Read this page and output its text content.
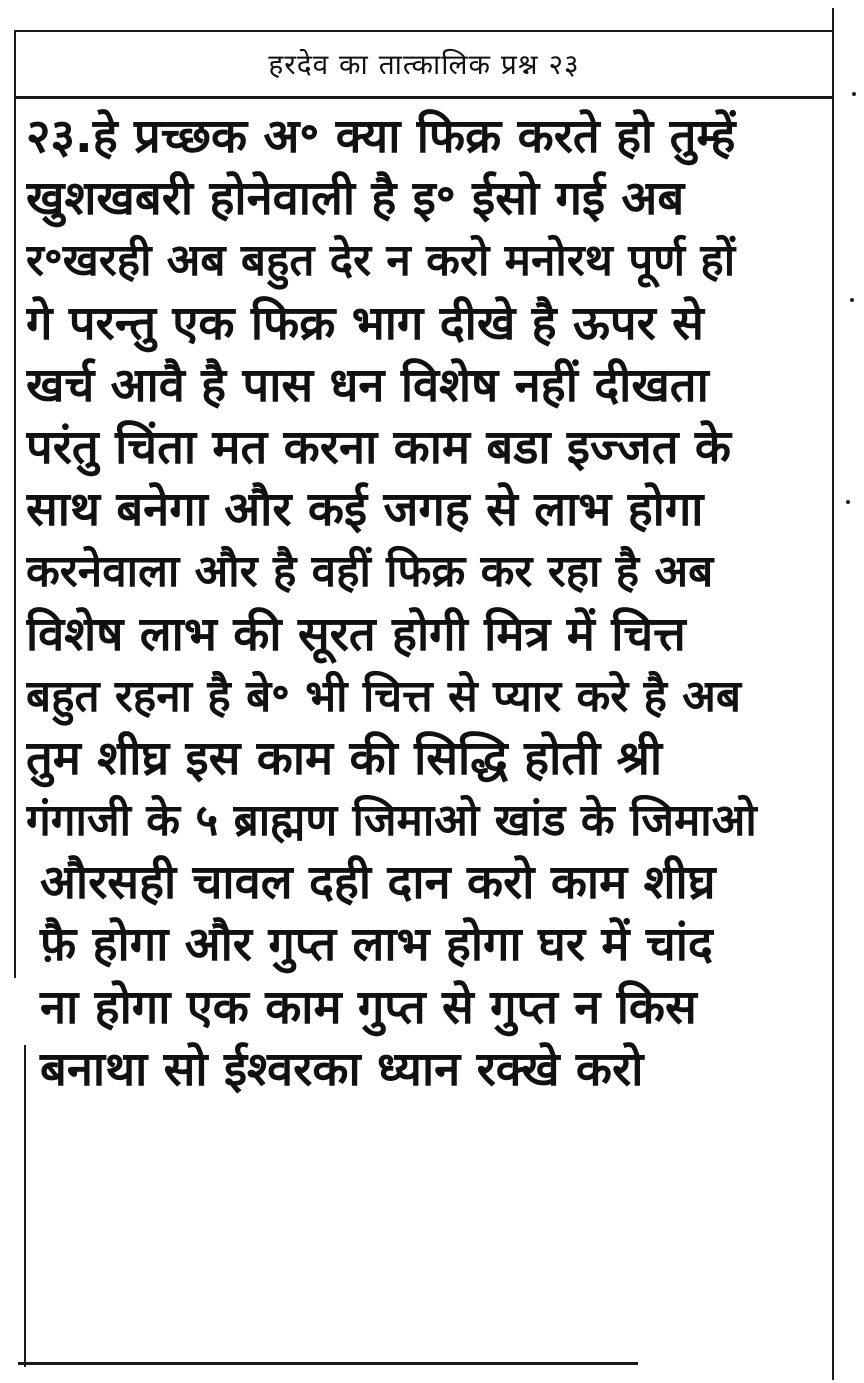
हरदेव का तात्कालिक प्रश्न २३
२३.हे प्रच्छक अ॰ क्या फिक्र करते हो तुम्हें
खुशखबरी होनेवाली है इ॰ ईसो गई अब
र॰खरही अब बहुत देर न करो मनोरथ पूर्ण हों
गे परन्तु एक फिक्र भाग दीखे है ऊपर से
खर्च आवै है पास धन विशेष नहीं दीखता
परंतु चिंता मत करना काम बडा इज्जत के
साथ बनेगा और कई जगह से लाभ होगा
करनेवाला और है वहीं फिक्र कर रहा है अब
विशेष लाभ की सूरत होगी मित्र में चित्त
बहुत रहना है बे॰ भी चित्त से प्यार करे है अब
तुम शीघ्र इस काम की सिद्धि होती श्री
गंगाजी के ५ ब्राह्मण जिमाओ खांड के जिमाओ
औरसही चावल दही दान करो काम शीघ्र
फ़ै होगा और गुप्त लाभ होगा घर में चांद
ना होगा एक काम गुप्त से गुप्त न किस
बनाथा सो ईश्वरका ध्यान रक्खे करो
